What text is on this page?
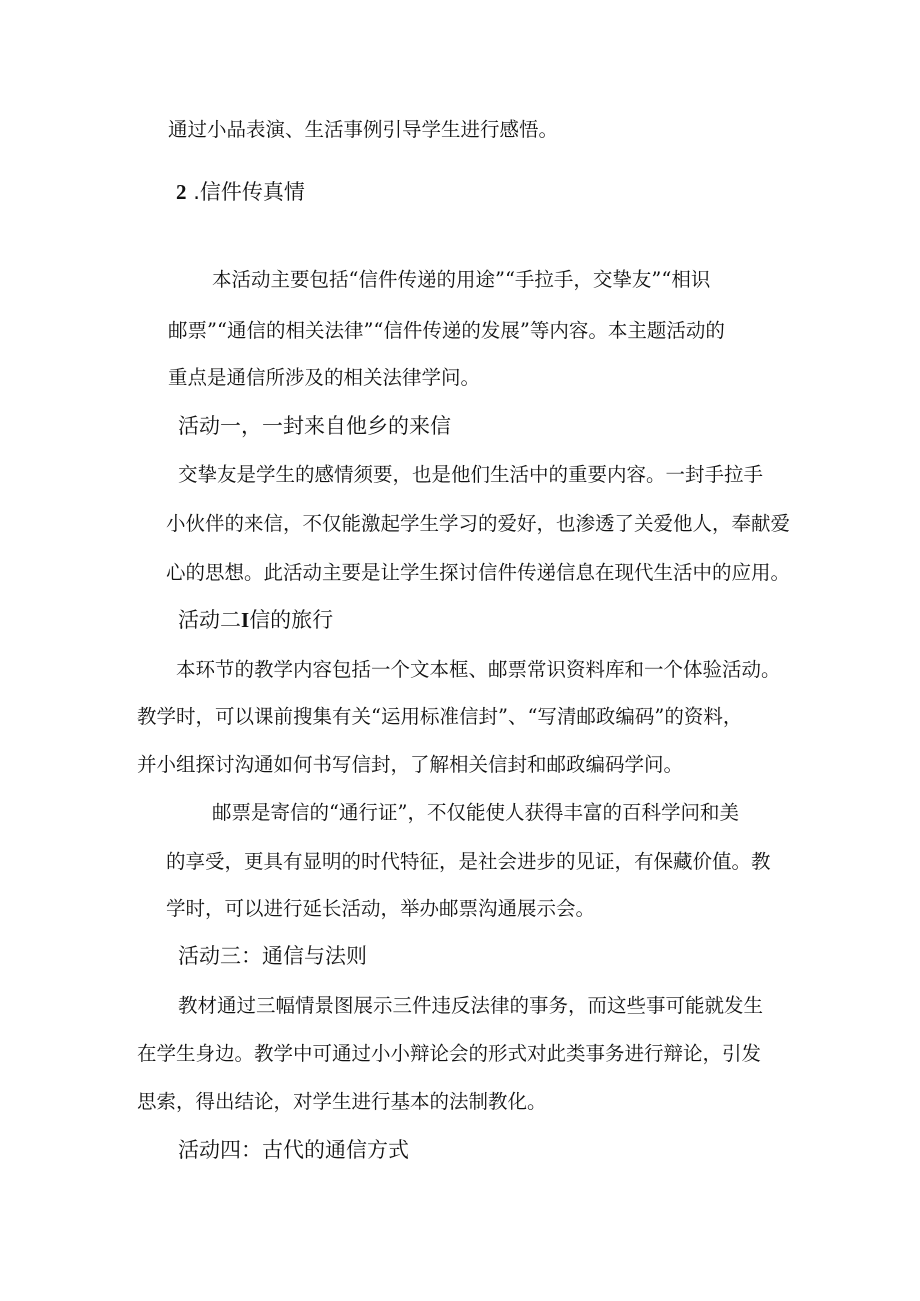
通过小品表演、生活事例引导学生进行感悟。
2 .信件传真情
本活动主要包括“信件传递的用途”“手拉手，交挚友”“相识
邮票”“通信的相关法律”“信件传递的发展”等内容。本主题活动的
重点是通信所涉及的相关法律学问。
活动一，一封来自他乡的来信
交挚友是学生的感情须要，也是他们生活中的重要内容。一封手拉手
小伙伴的来信，不仅能激起学生学习的爱好，也渗透了关爱他人，奉献爱
心的思想。此活动主要是让学生探讨信件传递信息在现代生活中的应用。
活动二I信的旅行
本环节的教学内容包括一个文本框、邮票常识资料库和一个体验活动。
教学时，可以课前搜集有关“运用标准信封”、“写清邮政编码”的资料，
并小组探讨沟通如何书写信封，了解相关信封和邮政编码学问。
邮票是寄信的“通行证”，不仅能使人获得丰富的百科学问和美
的享受，更具有显明的时代特征，是社会进步的见证，有保藏价值。教
学时，可以进行延长活动，举办邮票沟通展示会。
活动三：通信与法则
教材通过三幅情景图展示三件违反法律的事务，而这些事可能就发生
在学生身边。教学中可通过小小辩论会的形式对此类事务进行辩论，引发
思索，得出结论，对学生进行基本的法制教化。
活动四：古代的通信方式
